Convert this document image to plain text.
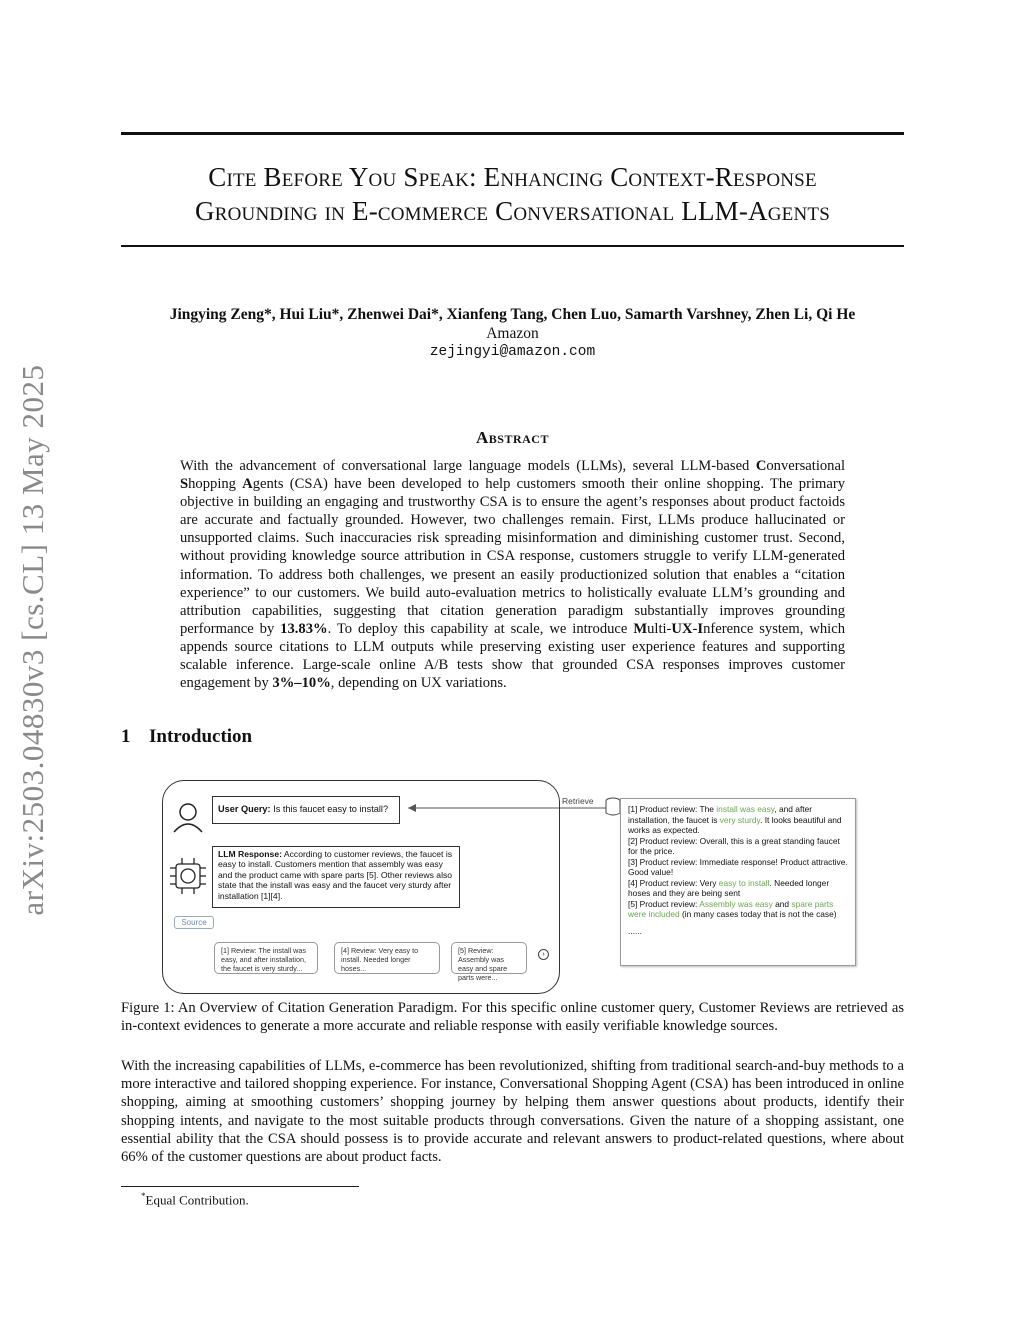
arXiv:2503.04830v3 [cs.CL] 13 May 2025
Cite Before You Speak: Enhancing Context-Response
Grounding in E-commerce Conversational LLM-Agents
Jingying Zeng*, Hui Liu*, Zhenwei Dai*, Xianfeng Tang, Chen Luo, Samarth Varshney, Zhen Li, Qi He
Amazon
zejingyi@amazon.com
Abstract
With the advancement of conversational large language models (LLMs), several LLM-based Conversational Shopping Agents (CSA) have been developed to help customers smooth their online shopping. The primary objective in building an engaging and trustworthy CSA is to ensure the agent’s responses about product factoids are accurate and factually grounded. However, two challenges remain. First, LLMs produce hallucinated or unsupported claims. Such inaccuracies risk spreading misinformation and diminishing customer trust. Second, without providing knowledge source attribution in CSA response, customers struggle to verify LLM-generated information. To address both challenges, we present an easily productionized solution that enables a “citation experience” to our customers. We build auto-evaluation metrics to holistically evaluate LLM’s grounding and attribution capabilities, suggesting that citation generation paradigm substantially improves grounding performance by 13.83%. To deploy this capability at scale, we introduce Multi-UX-Inference system, which appends source citations to LLM outputs while preserving existing user experience features and supporting scalable inference. Large-scale online A/B tests show that grounded CSA responses improves customer engagement by 3%–10%, depending on UX variations.
1 Introduction
User Query: Is this faucet easy to install?
LLM Response: According to customer reviews, the faucet is easy to install. Customers mention that assembly was easy and the product came with spare parts [5]. Other reviews also state that the install was easy and the faucet very sturdy after installation [1][4].
Source
[1] Review: The install was easy, and after installation, the faucet is very sturdy...
[4] Review: Very easy to install. Needed longer hoses...
[5] Review: Assembly was easy and spare parts were...
›
Retrieve
[1] Product review: The install was easy, and after installation, the faucet is very sturdy. It looks beautiful and works as expected.
[2] Product review: Overall, this is a great standing faucet for the price.
[3] Product review: Immediate response! Product attractive. Good value!
[4] Product review: Very easy to install. Needed longer hoses and they are being sent
[5] Product review: Assembly was easy and spare parts were included (in many cases today that is not the case)
......
Figure 1: An Overview of Citation Generation Paradigm. For this specific online customer query, Customer Reviews are retrieved as in-context evidences to generate a more accurate and reliable response with easily verifiable knowledge sources.
With the increasing capabilities of LLMs, e-commerce has been revolutionized, shifting from traditional search-and-buy methods to a more interactive and tailored shopping experience. For instance, Conversational Shopping Agent (CSA) has been introduced in online shopping, aiming at smoothing customers’ shopping journey by helping them answer questions about products, identify their shopping intents, and navigate to the most suitable products through conversations. Given the nature of a shopping assistant, one essential ability that the CSA should possess is to provide accurate and relevant answers to product-related questions, where about 66% of the customer questions are about product facts.
*Equal Contribution.
